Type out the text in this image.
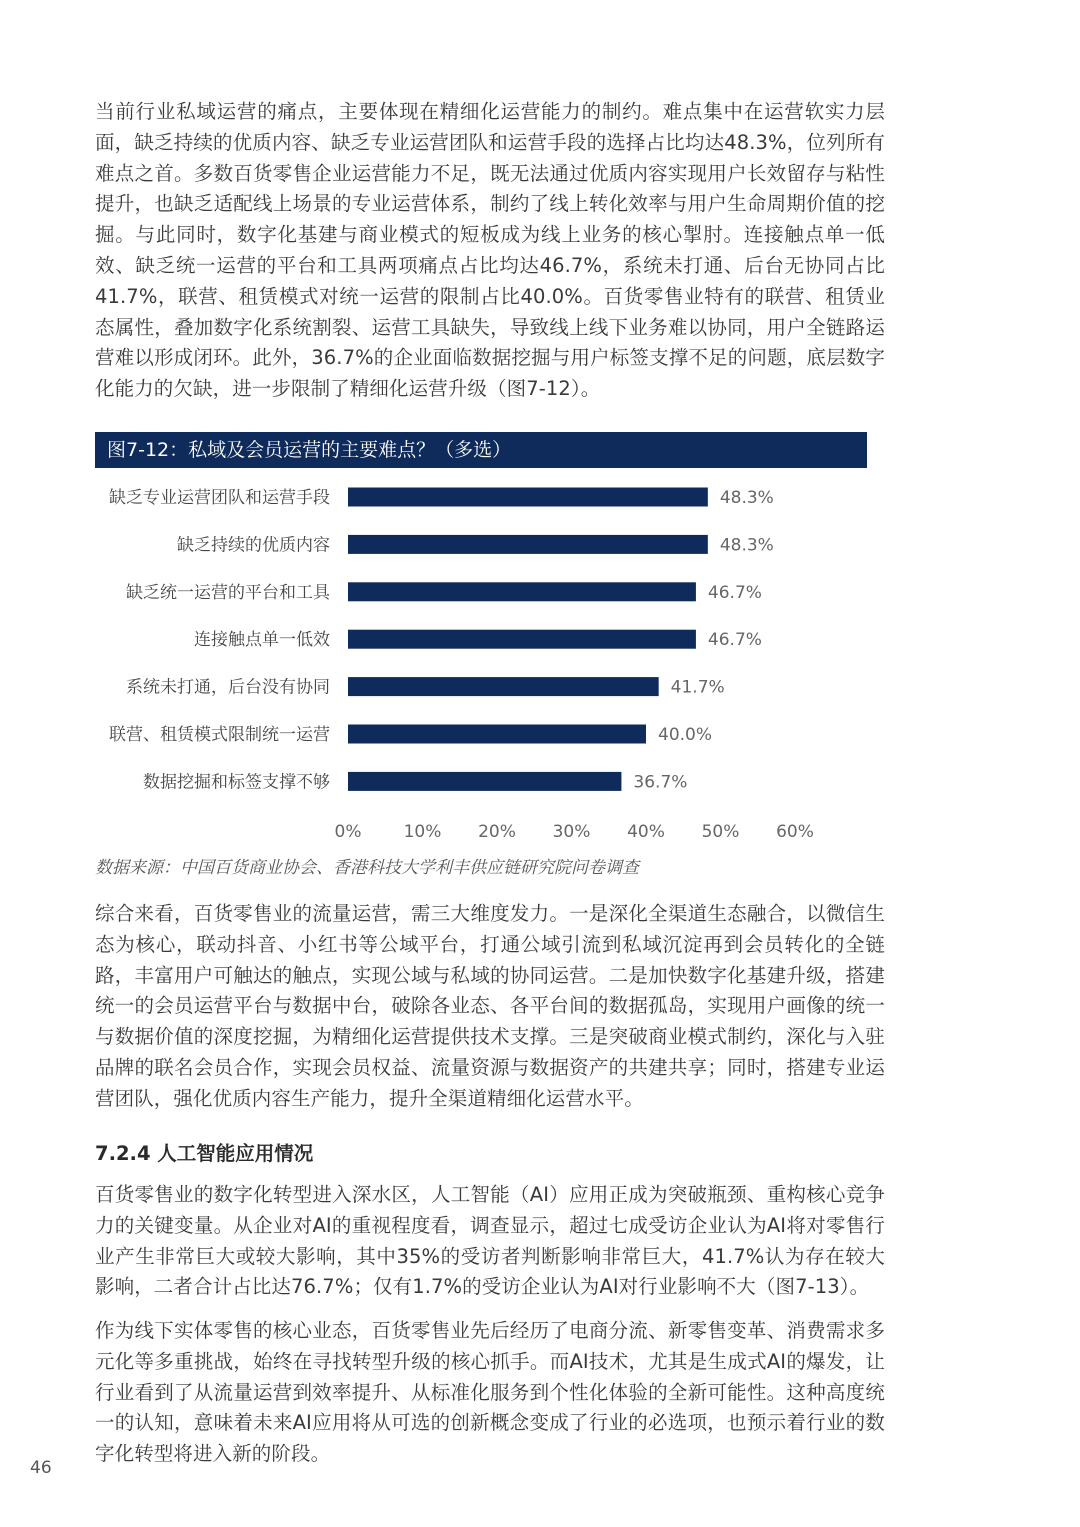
当前行业私域运营的痛点，主要体现在精细化运营能力的制约。难点集中在运营软实力层面，缺乏持续的优质内容、缺乏专业运营团队和运营手段的选择占比均达48.3%，位列所有难点之首。多数百货零售企业运营能力不足，既无法通过优质内容实现用户长效留存与粘性提升，也缺乏适配线上场景的专业运营体系，制约了线上转化效率与用户生命周期价值的挖掘。与此同时，数字化基建与商业模式的短板成为线上业务的核心掣肘。连接触点单一低效、缺乏统一运营的平台和工具两项痛点占比均达46.7%，系统未打通、后台无协同占比41.7%，联营、租赁模式对统一运营的限制占比40.0%。百货零售业特有的联营、租赁业态属性，叠加数字化系统割裂、运营工具缺失，导致线上线下业务难以协同，用户全链路运营难以形成闭环。此外，36.7%的企业面临数据挖掘与用户标签支撑不足的问题，底层数字化能力的欠缺，进一步限制了精细化运营升级（图7-12）。

图7-12：私域及会员运营的主要难点？（多选）
缺乏专业运营团队和运营手段	48.3%
缺乏持续的优质内容	48.3%
缺乏统一运营的平台和工具	46.7%
连接触点单一低效	46.7%
系统未打通，后台没有协同	41.7%
联营、租赁模式限制统一运营	40.0%
数据挖掘和标签支撑不够	36.7%
0% 10% 20% 30% 40% 50% 60%

数据来源：中国百货商业协会、香港科技大学利丰供应链研究院问卷调查

综合来看，百货零售业的流量运营，需三大维度发力。一是深化全渠道生态融合，以微信生态为核心，联动抖音、小红书等公域平台，打通公域引流到私域沉淀再到会员转化的全链路，丰富用户可触达的触点，实现公域与私域的协同运营。二是加快数字化基建升级，搭建统一的会员运营平台与数据中台，破除各业态、各平台间的数据孤岛，实现用户画像的统一与数据价值的深度挖掘，为精细化运营提供技术支撑。三是突破商业模式制约，深化与入驻品牌的联名会员合作，实现会员权益、流量资源与数据资产的共建共享；同时，搭建专业运营团队，强化优质内容生产能力，提升全渠道精细化运营水平。

7.2.4 人工智能应用情况

百货零售业的数字化转型进入深水区，人工智能（AI）应用正成为突破瓶颈、重构核心竞争力的关键变量。从企业对AI的重视程度看，调查显示，超过七成受访企业认为AI将对零售行业产生非常巨大或较大影响，其中35%的受访者判断影响非常巨大，41.7%认为存在较大影响，二者合计占比达76.7%；仅有1.7%的受访企业认为AI对行业影响不大（图7-13）。

作为线下实体零售的核心业态，百货零售业先后经历了电商分流、新零售变革、消费需求多元化等多重挑战，始终在寻找转型升级的核心抓手。而AI技术，尤其是生成式AI的爆发，让行业看到了从流量运营到效率提升、从标准化服务到个性化体验的全新可能性。这种高度统一的认知，意味着未来AI应用将从可选的创新概念变成了行业的必选项，也预示着行业的数字化转型将进入新的阶段。

46
